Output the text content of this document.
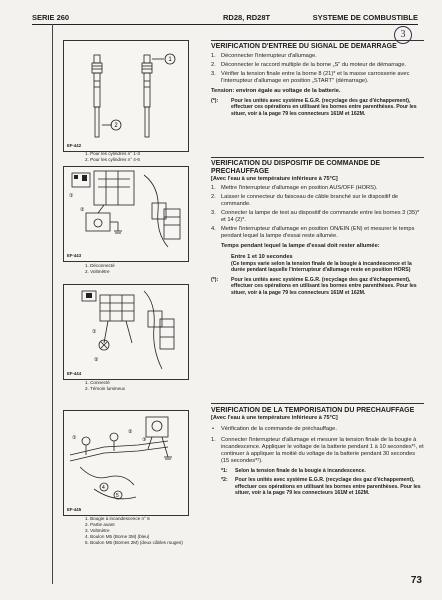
SERIE 260	RD28, RD28T	SYSTEME DE COMBUSTIBLE
3
1
2
EF-442
1. Pour les cylindres n° 1-3
2. Pour les cylindres n° 4-6
①
②
EF-443
1. Déconnecté
2. Voltmètre
①
②
EF-444
1. Connecté
2. Témoin lumineux
①
②
③
4
5
EF-445
1. Bougie à incandescence n° 6
2. Partie avant
3. Voltmètre
4. Boulon M5 (Borne 3M) (bleu)
5. Boulon M5 (Bornes 2M) (deux câbles rouges)
VERIFICATION D'ENTREE DU SIGNAL DE DEMARRAGE
1. Déconnecter l'interrupteur d'allumage.
2. Déconnecter le raccord multiple de la borne „S" du moteur de démarrage.
3. Vérifier la tension finale entre la borne 8 (21)* et la masse carrosserie avec l'interrupteur d'allumage en position „START" (démarrage).
Tension: environ égale au voltage de la batterie.
(*): Pour les unités avec système E.G.R. (recyclage des gaz d'échappement), effectuer ces opérations en utilisant les bornes entre parenthèses. Pour les situer, voir à la page 79 les connecteurs 161M et 162M.
VERIFICATION DU DISPOSITIF DE COMMANDE DE PRECHAUFFAGE
[Avec l'eau à une température inférieure à 75°C]
1. Mettre l'interrupteur d'allumage en position AUS/OFF (HORS).
2. Laisser le connecteur du faisceau de câble branché sur le dispositif de commande.
3. Connecter la lampe de test au dispositif de commande entre les bornes 3 (35)* et 14 (2)*.
4. Mettre l'interrupteur d'allumage en position ON/EIN (EN) et mesurer le temps pendant lequel la lampe d'essai reste allumée.
Temps pendant lequel la lampe d'essai doit rester allumée:
Entre 1 et 10 secondes
(Ce temps varie selon la tension finale de la bougie à incandescence et la durée pendant laquelle l'interrupteur d'allumage reste en position HORS)
(*): Pour les unités avec système E.G.R. (recyclage des gaz d'échappement), effectuer ces opérations en utilisant les bornes entre parenthèses. Pour les situer, voir à la page 79 les connecteurs 161M et 162M.
VERIFICATION DE LA TEMPORISATION DU PRECHAUFFAGE
[Avec l'eau à une température inférieure à 75°C]
• Vérification de la commande de préchauffage.
1. Connecter l'interrupteur d'allumage et mesurer la tension finale de la bougie à incandescence. Appliquer le voltage de la batterie pendant 1 à 10 secondes*¹, et continuer à appliquer la moitié du voltage de la batterie pendant 30 secondes (15 secondes*²).
*1: Selon la tension finale de la bougie à incandescence.
*2: Pour les unités avec système E.G.R. (recyclage des gaz d'échappement), effectuer ces opérations en utilisant les bornes entre parenthèses. Pour les situer, voir à la page 79 les connecteurs 161M et 162M.
73
